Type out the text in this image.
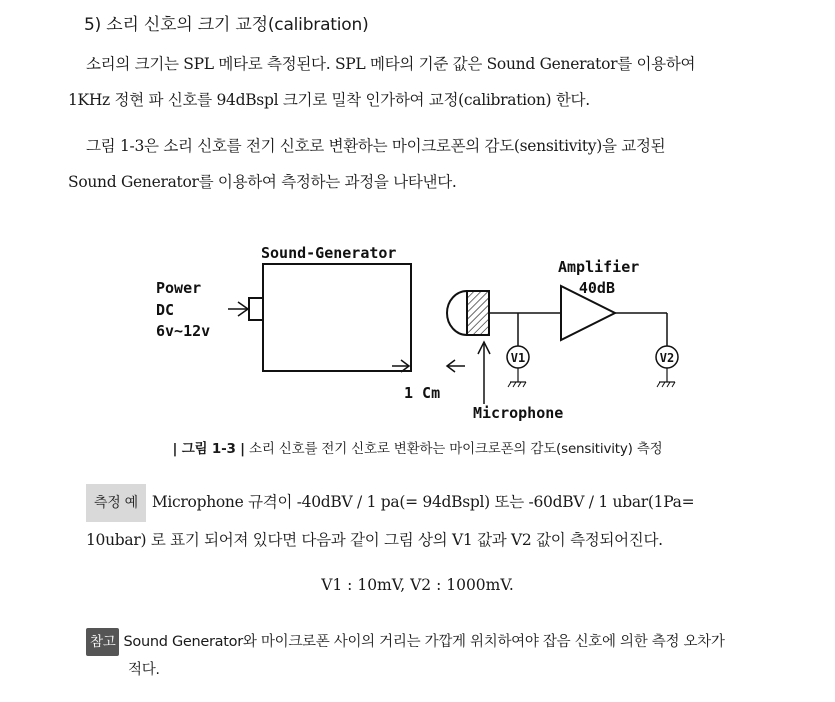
5) 소리 신호의 크기 교정(calibration)
소리의 크기는 SPL 메타로 측정된다. SPL 메타의 기준 값은 Sound Generator를 이용하여
1KHz 정현 파 신호를 94dBspl 크기로 밀착 인가하여 교정(calibration) 한다.
그림 1-3은 소리 신호를 전기 신호로 변환하는 마이크로폰의 감도(sensitivity)을 교정된
Sound Generator를 이용하여 측정하는 과정을 나타낸다.
Sound-Generator
Power
DC
6v~12v
1 Cm
Microphone
V1
Amplifier
40dB
V2
| 그림 1-3 | 소리 신호를 전기 신호로 변환하는 마이크로폰의 감도(sensitivity) 측정
측정 예 Microphone 규격이 -40dBV / 1 pa(= 94dBspl) 또는 -60dBV / 1 ubar(1Pa=
10ubar) 로 표기 되어져 있다면 다음과 같이 그림 상의 V1 값과 V2 값이 측정되어진다.
V1 : 10mV, V2 : 1000mV.
참고 Sound Generator와 마이크로폰 사이의 거리는 가깝게 위치하여야 잡음 신호에 의한 측정 오차가
적다.
